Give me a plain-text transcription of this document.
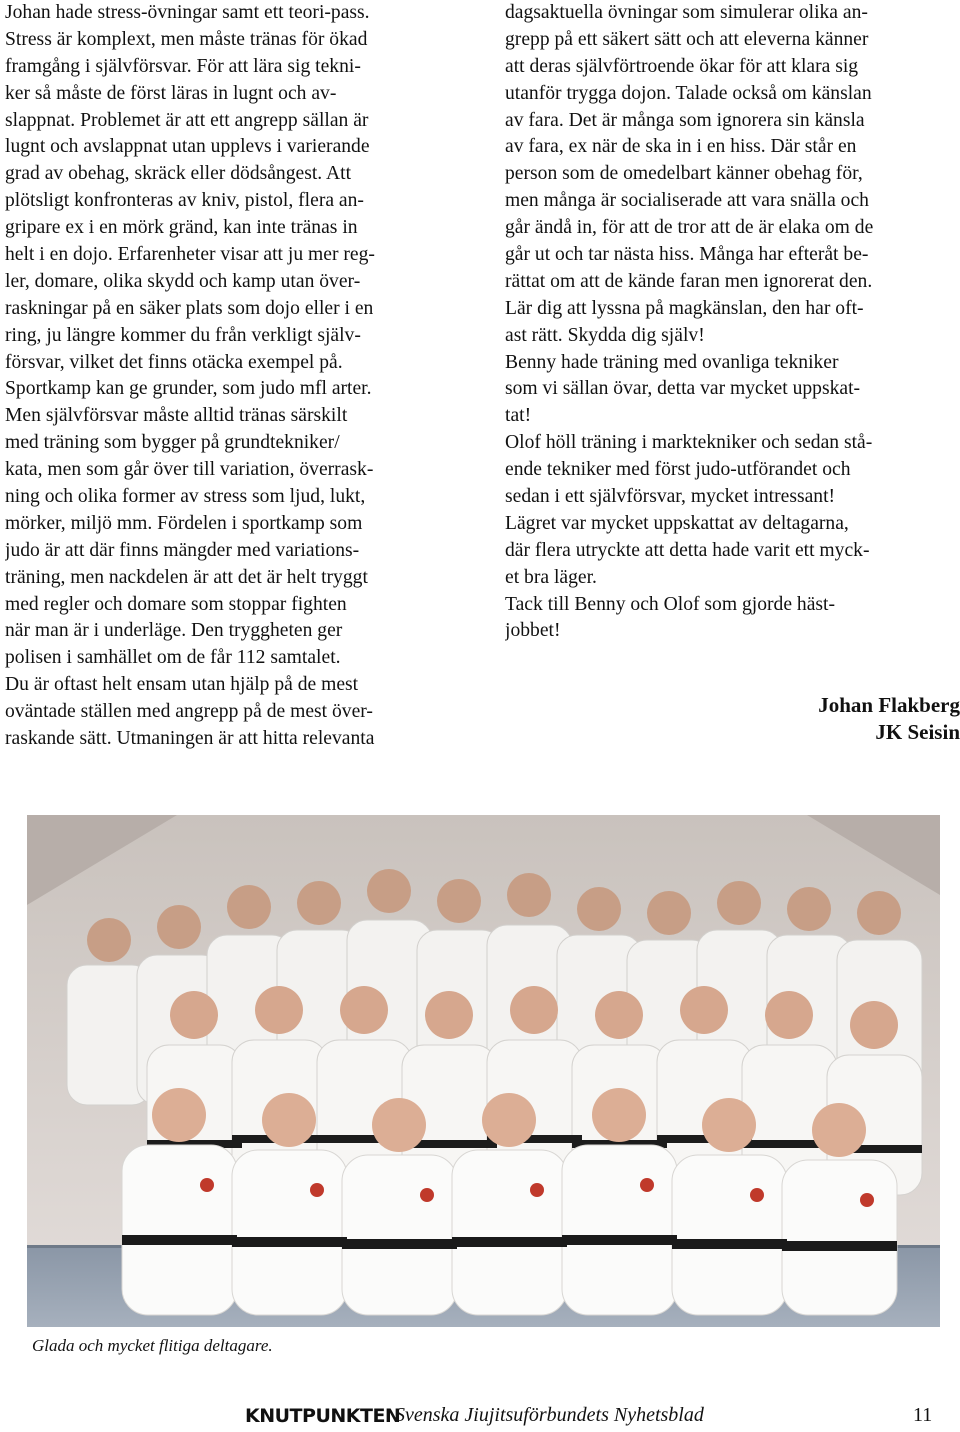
Johan hade stress-övningar samt ett teori-pass.
Stress är komplext, men måste tränas för ökad
framgång i självförsvar. För att lära sig tekni-
ker så måste de först läras in lugnt och av-
slappnat. Problemet är att ett angrepp sällan är
lugnt och avslappnat utan upplevs i varierande
grad av obehag, skräck eller dödsångest. Att
plötsligt konfronteras av kniv, pistol, flera an-
gripare ex i en mörk gränd, kan inte tränas in
helt i en dojo. Erfarenheter visar att ju mer reg-
ler, domare, olika skydd och kamp utan över-
raskningar på en säker plats som dojo eller i en
ring, ju längre kommer du från verkligt själv-
försvar, vilket det finns otäcka exempel på.
Sportkamp kan ge grunder, som judo mfl arter.
Men självförsvar måste alltid tränas särskilt
med träning som bygger på grundtekniker/
kata, men som går över till variation, överrask-
ning och olika former av stress som ljud, lukt,
mörker, miljö mm. Fördelen i sportkamp som
judo är att där finns mängder med variations-
träning, men nackdelen är att det är helt tryggt
med regler och domare som stoppar fighten
när man är i underläge. Den tryggheten ger
polisen i samhället om de får 112 samtalet.
Du är oftast helt ensam utan hjälp på de mest
oväntade ställen med angrepp på de mest över-
raskande sätt. Utmaningen är att hitta relevanta
dagsaktuella övningar som simulerar olika an-
grepp på ett säkert sätt och att eleverna känner
att deras självförtroende ökar för att klara sig
utanför trygga dojon. Talade också om känslan
av fara. Det är många som ignorera sin känsla
av fara, ex när de ska in i en hiss. Där står en
person som de omedelbart känner obehag för,
men många är socialiserade att vara snälla och
går ändå in, för att de tror att de är elaka om de
går ut och tar nästa hiss. Många har efteråt be-
rättat om att de kände faran men ignorerat den.
Lär dig att lyssna på magkänslan, den har oft-
ast rätt. Skydda dig själv!
Benny hade träning med ovanliga tekniker
som vi sällan övar, detta var mycket uppskat-
tat!
Olof höll träning i marktekniker och sedan stå-
ende tekniker med först judo-utförandet och
sedan i ett självförsvar, mycket intressant!
Lägret var mycket uppskattat av deltagarna,
där flera utryckte att detta hade varit ett myck-
et bra läger.
Tack till Benny och Olof som gjorde häst-
jobbet!
Johan Flakberg
JK Seisin
Glada och mycket flitiga deltagare.
KNUTPUNKTEN
Svenska Jiujitsuförbundets Nyhetsblad	11
